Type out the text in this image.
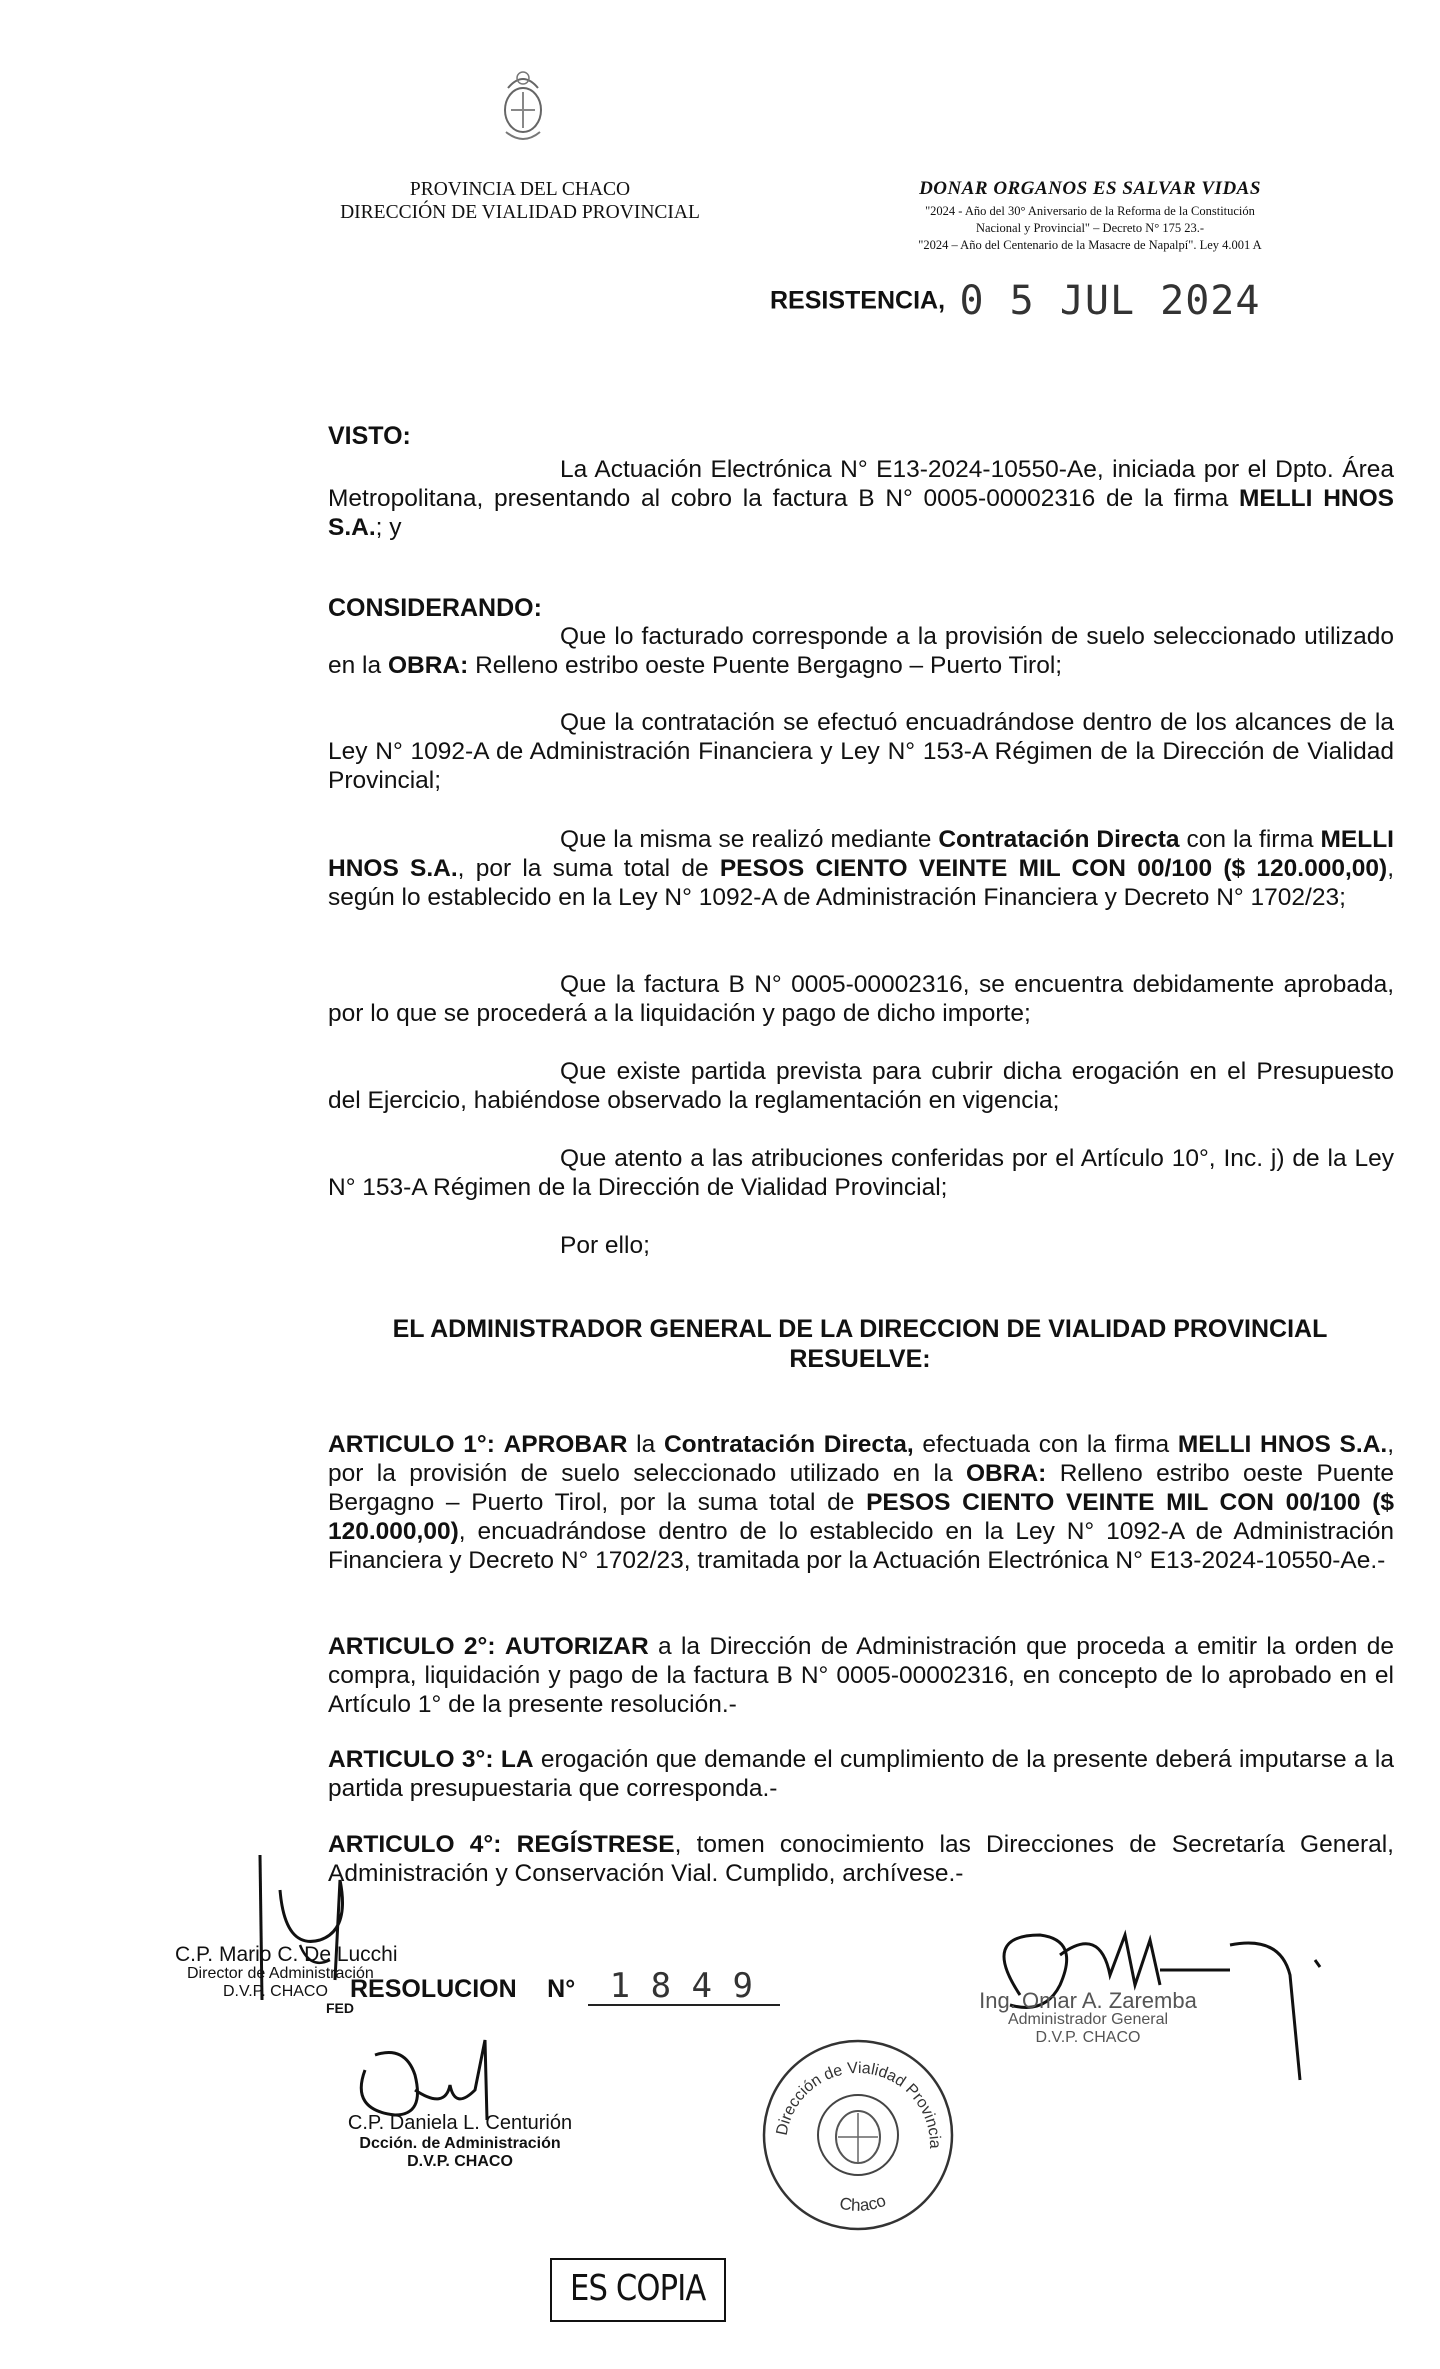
PROVINCIA DEL CHACO
DIRECCIÓN DE VIALIDAD PROVINCIAL
DONAR ORGANOS ES SALVAR VIDAS
"2024 - Año del 30° Aniversario de la Reforma de la Constitución
Nacional y Provincial" – Decreto N° 175 23.-
"2024 – Año del Centenario de la Masacre de Napalpí". Ley 4.001 A
RESISTENCIA, 0 5 JUL 2024
VISTO:
La Actuación Electrónica N° E13-2024-10550-Ae, iniciada por el Dpto. Área Metropolitana, presentando al cobro la factura B N° 0005-00002316 de la firma MELLI HNOS S.A.; y
CONSIDERANDO:
Que lo facturado corresponde a la provisión de suelo seleccionado utilizado en la OBRA: Relleno estribo oeste Puente Bergagno – Puerto Tirol;
Que la contratación se efectuó encuadrándose dentro de los alcances de la Ley N° 1092-A de Administración Financiera y Ley N° 153-A Régimen de la Dirección de Vialidad Provincial;
Que la misma se realizó mediante Contratación Directa con la firma MELLI HNOS S.A., por la suma total de PESOS CIENTO VEINTE MIL CON 00/100 ($ 120.000,00), según lo establecido en la Ley N° 1092-A de Administración Financiera y Decreto N° 1702/23;
Que la factura B N° 0005-00002316, se encuentra debidamente aprobada, por lo que se procederá a la liquidación y pago de dicho importe;
Que existe partida prevista para cubrir dicha erogación en el Presupuesto del Ejercicio, habiéndose observado la reglamentación en vigencia;
Que atento a las atribuciones conferidas por el Artículo 10°, Inc. j) de la Ley N° 153-A Régimen de la Dirección de Vialidad Provincial;
Por ello;
EL ADMINISTRADOR GENERAL DE LA DIRECCION DE VIALIDAD PROVINCIAL
RESUELVE:
ARTICULO 1°: APROBAR la Contratación Directa, efectuada con la firma MELLI HNOS S.A., por la provisión de suelo seleccionado utilizado en la OBRA: Relleno estribo oeste Puente Bergagno – Puerto Tirol, por la suma total de PESOS CIENTO VEINTE MIL CON 00/100 ($ 120.000,00), encuadrándose dentro de lo establecido en la Ley N° 1092-A de Administración Financiera y Decreto N° 1702/23, tramitada por la Actuación Electrónica N° E13-2024-10550-Ae.-
ARTICULO 2°: AUTORIZAR a la Dirección de Administración que proceda a emitir la orden de compra, liquidación y pago de la factura B N° 0005-00002316, en concepto de lo aprobado en el Artículo 1° de la presente resolución.-
ARTICULO 3°: LA erogación que demande el cumplimiento de la presente deberá imputarse a la partida presupuestaria que corresponda.-
ARTICULO 4°: REGÍSTRESE, tomen conocimiento las Direcciones de Secretaría General, Administración y Conservación Vial. Cumplido, archívese.-
RESOLUCION N° 1 8 4 9
C.P. Mario C. De Lucchi
Director de Administración
D.V.P. CHACO
FED	Ing. Omar A. Zaremba
Administrador General
D.V.P. CHACO
C.P. Daniela L. Centurión
Dcción. de Administración
D.V.P. CHACO
Dirección de Vialidad Provincia
Chaco
ES COPIA
